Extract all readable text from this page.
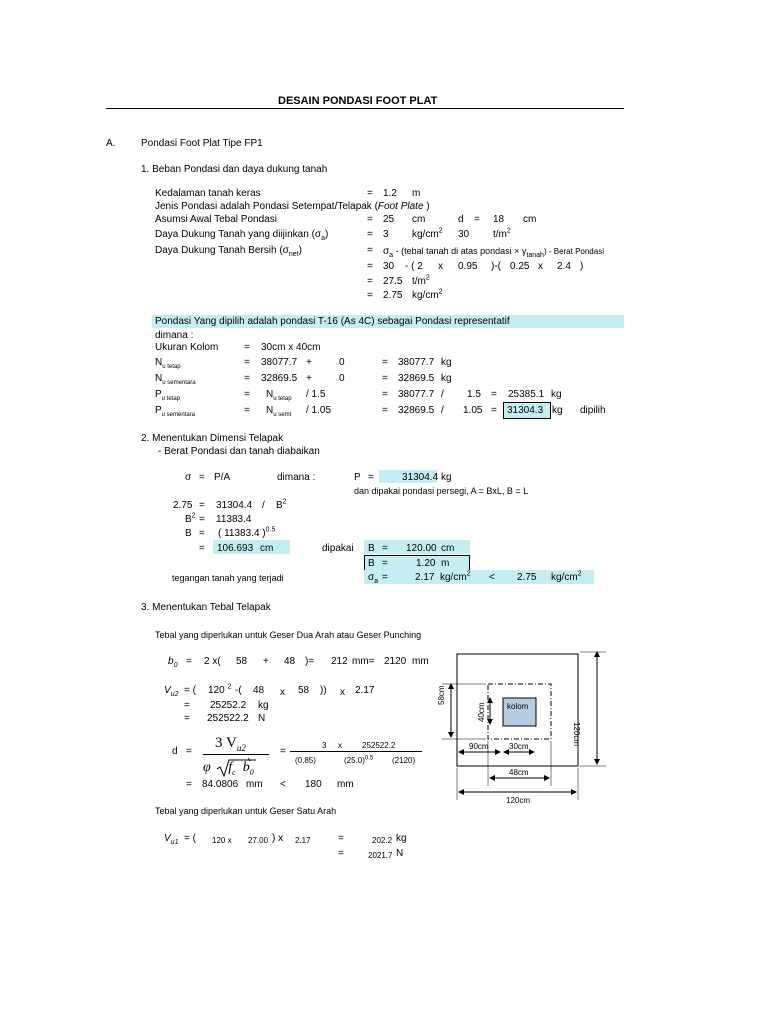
DESAIN PONDASI FOOT PLAT
A.	Pondasi Foot Plat Tipe FP1
1. Beban Pondasi dan daya dukung tanah
Kedalaman tanah keras	= 1.2 m
Jenis Pondasi adalah Pondasi Setempat/Telapak (Foot Plate )
Asumsi Awal Tebal Pondasi	= 25 cm	d = 18 cm
Daya Dukung Tanah yang diijinkan $(\sigma_a)$	= 3 $kg/cm^2$ 30 $t/m^2$
Daya Dukung Tanah Bersih $(\sigma_{net})$	= $\sigma_a$ - (tebal tanah di atas pondasi × $\gamma_{tanah}$) - Berat Pondasi
= 30 - ( 2 x 0.95 )-( 0.25 x 2.4 )
= 27.5 $t/m^2$
= 2.75 $kg/cm^2$
Pondasi Yang dipilih adalah pondasi T-16 (As 4C) sebagai Pondasi representatif
dimana :
Ukuran Kolom	= 30cm x 40cm
$N_{u tetap}$	= 38077.7 +	0	= 38077.7 kg
$N_{u sementara}$	= 32869.5 +	0	= 32869.5 kg
$P_{u tetap}$	= $N_{u tetap} / 1.5$	= 38077.7 / 1.5 = 25385.1 kg
$P_{u sementara}$	= $N_{u semt} / 1.05$	= 32869.5 / 1.05 = 31304.3 kg dipilih
2. Menentukan Dimensi Telapak
- Berat Pondasi dan tanah diabaikan
σ = P/A	dimana :	P =	31304.4 kg
dan dipakai pondasi persegi, A = BxL, B = L
$2.75 = 31304.4 / B^2$
$B^2 = 11383.4$
B = ( 11383.4 )$^{0.5}$
= 106.693 cm	dipakai B = 120.00 cm
B =	1.20 m
tegangan tanah yang terjadi	$\sigma_a$ =	2.17 $kg/cm^2 < 2.75$ $kg/cm^2$
3. Menentukan Tebal Telapak
Tebal yang diperlukan untuk Geser Dua Arah atau Geser Punching
$b_0 = 2$ x( 58 + 48 )= 212 mm= 2120 mm
$V_{u2}$ = ( 120 $^2$ -( 48 x 58 )) x 2.17
= 25252.2 kg
= 252522.2 N
d =
3 $V_{u2}$
φ $f_c$ $b_0$
=
3 x	252522.2
(0.85)	$(25.0)^{0.5}$ (2120)
= 84.0806 mm < 180 mm
Tebal yang diperlukan untuk Geser Satu Arah
$V_{u1}$ = ( 120 x 27.00 ) x 2.17	=	202.2 kg
=	2021.7 N
kolom
58cm
40cm
120cm
90cm	30cm
48cm
120cm
